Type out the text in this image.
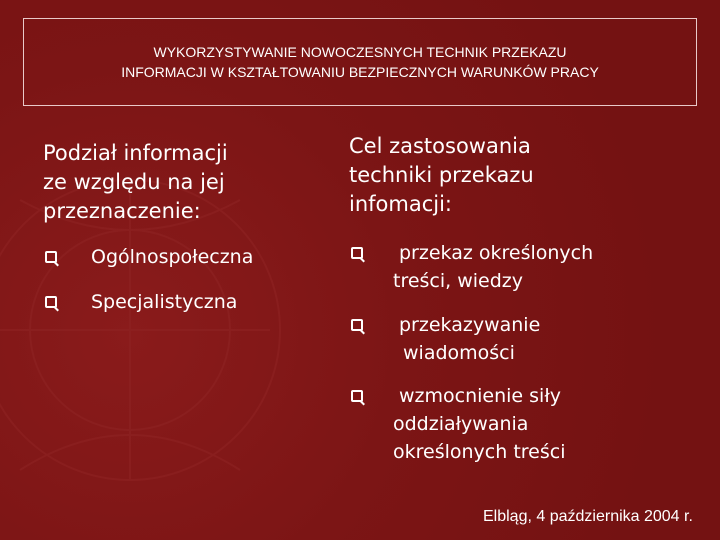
WYKORZYSTYWANIE NOWOCZESNYCH TECHNIK PRZEKAZU
INFORMACJI W KSZTAŁTOWANIU BEZPIECZNYCH WARUNKÓW PRACY
Podział informacji
ze względu na jej
przeznaczenie:
Ogólnospołeczna
Specjalistyczna
Cel zastosowania
techniki przekazu
infomacji:
przekaz określonych
treści, wiedzy
przekazywanie
wiadomości
wzmocnienie siły
oddziaływania
określonych treści
Elbląg, 4 października 2004 r.
